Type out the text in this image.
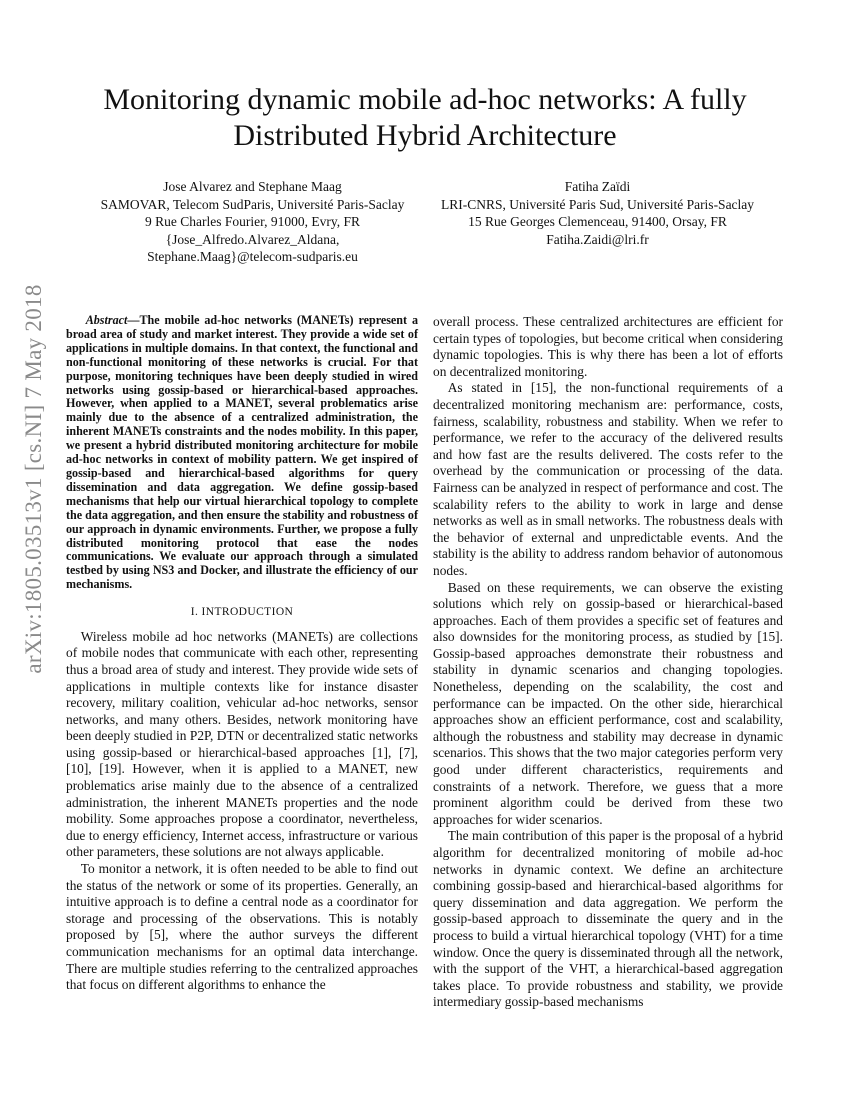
arXiv:1805.03513v1 [cs.NI] 7 May 2018
Monitoring dynamic mobile ad-hoc networks: A fully Distributed Hybrid Architecture
Jose Alvarez and Stephane Maag
SAMOVAR, Telecom SudParis, Université Paris-Saclay
9 Rue Charles Fourier, 91000, Evry, FR
{Jose_Alfredo.Alvarez_Aldana,
Stephane.Maag}@telecom-sudparis.eu
Fatiha Zaïdi
LRI-CNRS, Université Paris Sud, Université Paris-Saclay
15 Rue Georges Clemenceau, 91400, Orsay, FR
Fatiha.Zaidi@lri.fr

Abstract—The mobile ad-hoc networks (MANETs) represent a broad area of study and market interest. They provide a wide set of applications in multiple domains. In that context, the functional and non-functional monitoring of these networks is crucial. For that purpose, monitoring techniques have been deeply studied in wired networks using gossip-based or hierarchical-based approaches. However, when applied to a MANET, several problematics arise mainly due to the absence of a centralized administration, the inherent MANETs constraints and the nodes mobility. In this paper, we present a hybrid distributed monitoring architecture for mobile ad-hoc networks in context of mobility pattern. We get inspired of gossip-based and hierarchical-based algorithms for query dissemination and data aggregation. We define gossip-based mechanisms that help our virtual hierarchical topology to complete the data aggregation, and then ensure the stability and robustness of our approach in dynamic environments. Further, we propose a fully distributed monitoring protocol that ease the nodes communications. We evaluate our approach through a simulated testbed by using NS3 and Docker, and illustrate the efficiency of our mechanisms.

I. INTRODUCTION

Wireless mobile ad hoc networks (MANETs) are collections of mobile nodes that communicate with each other, representing thus a broad area of study and interest. They provide wide sets of applications in multiple contexts like for instance disaster recovery, military coalition, vehicular ad-hoc networks, sensor networks, and many others. Besides, network monitoring have been deeply studied in P2P, DTN or decentralized static networks using gossip-based or hierarchical-based approaches [1], [7], [10], [19]. However, when it is applied to a MANET, new problematics arise mainly due to the absence of a centralized administration, the inherent MANETs properties and the node mobility. Some approaches propose a coordinator, nevertheless, due to energy efficiency, Internet access, infrastructure or various other parameters, these solutions are not always applicable.

To monitor a network, it is often needed to be able to find out the status of the network or some of its properties. Generally, an intuitive approach is to define a central node as a coordinator for storage and processing of the observations. This is notably proposed by [5], where the author surveys the different communication mechanisms for an optimal data interchange. There are multiple studies referring to the centralized approaches that focus on different algorithms to enhance the

overall process. These centralized architectures are efficient for certain types of topologies, but become critical when considering dynamic topologies. This is why there has been a lot of efforts on decentralized monitoring.

As stated in [15], the non-functional requirements of a decentralized monitoring mechanism are: performance, costs, fairness, scalability, robustness and stability. When we refer to performance, we refer to the accuracy of the delivered results and how fast are the results delivered. The costs refer to the overhead by the communication or processing of the data. Fairness can be analyzed in respect of performance and cost. The scalability refers to the ability to work in large and dense networks as well as in small networks. The robustness deals with the behavior of external and unpredictable events. And the stability is the ability to address random behavior of autonomous nodes.

Based on these requirements, we can observe the existing solutions which rely on gossip-based or hierarchical-based approaches. Each of them provides a specific set of features and also downsides for the monitoring process, as studied by [15]. Gossip-based approaches demonstrate their robustness and stability in dynamic scenarios and changing topologies. Nonetheless, depending on the scalability, the cost and performance can be impacted. On the other side, hierarchical approaches show an efficient performance, cost and scalability, although the robustness and stability may decrease in dynamic scenarios. This shows that the two major categories perform very good under different characteristics, requirements and constraints of a network. Therefore, we guess that a more prominent algorithm could be derived from these two approaches for wider scenarios.

The main contribution of this paper is the proposal of a hybrid algorithm for decentralized monitoring of mobile ad-hoc networks in dynamic context. We define an architecture combining gossip-based and hierarchical-based algorithms for query dissemination and data aggregation. We perform the gossip-based approach to disseminate the query and in the process to build a virtual hierarchical topology (VHT) for a time window. Once the query is disseminated through all the network, with the support of the VHT, a hierarchical-based aggregation takes place. To provide robustness and stability, we provide intermediary gossip-based mechanisms
